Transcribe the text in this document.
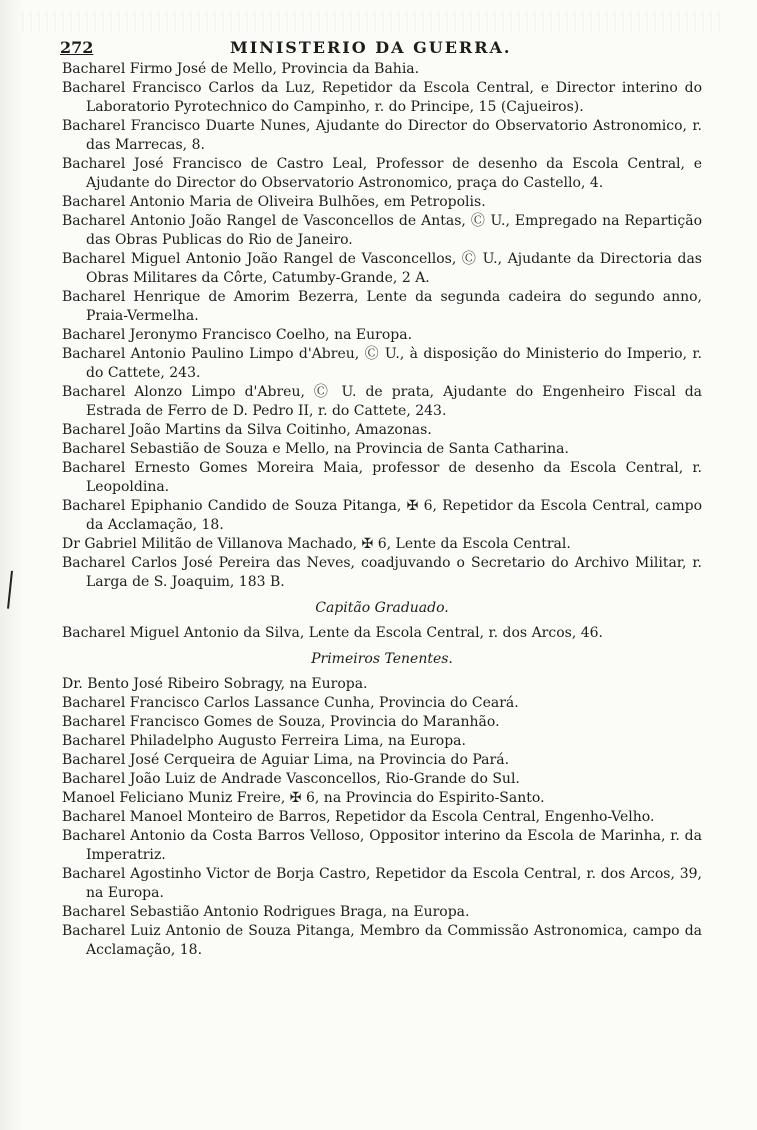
272	MINISTERIO DA GUERRA.

Bacharel Firmo José de Mello, Provincia da Bahia.

Bacharel Francisco Carlos da Luz, Repetidor da Escola Central, e Director interino do Laboratorio Pyrotechnico do Campinho, r. do Principe, 15 (Cajueiros).

Bacharel Francisco Duarte Nunes, Ajudante do Director do Observatorio Astronomico, r. das Marrecas, 8.

Bacharel José Francisco de Castro Leal, Professor de desenho da Escola Central, e Ajudante do Director do Observatorio Astronomico, praça do Castello, 4.

Bacharel Antonio Maria de Oliveira Bulhões, em Petropolis.

Bacharel Antonio João Rangel de Vasconcellos de Antas, Ⓒ U., Empregado na Repartição das Obras Publicas do Rio de Janeiro.

Bacharel Miguel Antonio João Rangel de Vasconcellos, Ⓒ U., Ajudante da Directoria das Obras Militares da Côrte, Catumby-Grande, 2 A.

Bacharel Henrique de Amorim Bezerra, Lente da segunda cadeira do segundo anno, Praia-Vermelha.

Bacharel Jeronymo Francisco Coelho, na Europa.

Bacharel Antonio Paulino Limpo d'Abreu, Ⓒ U., à disposição do Ministerio do Imperio, r. do Cattete, 243.

Bacharel Alonzo Limpo d'Abreu, Ⓒ U. de prata, Ajudante do Engenheiro Fiscal da Estrada de Ferro de D. Pedro II, r. do Cattete, 243.

Bacharel João Martins da Silva Coitinho, Amazonas.

Bacharel Sebastião de Souza e Mello, na Provincia de Santa Catharina.

Bacharel Ernesto Gomes Moreira Maia, professor de desenho da Escola Central, r. Leopoldina.

Bacharel Epiphanio Candido de Souza Pitanga, ✠ 6, Repetidor da Escola Central, campo da Acclamação, 18.

Dr Gabriel Militão de Villanova Machado, ✠ 6, Lente da Escola Central.

Bacharel Carlos José Pereira das Neves, coadjuvando o Secretario do Archivo Militar, r. Larga de S. Joaquim, 183 B.

Capitão Graduado.

Bacharel Miguel Antonio da Silva, Lente da Escola Central, r. dos Arcos, 46.

Primeiros Tenentes.

Dr. Bento José Ribeiro Sobragy, na Europa.

Bacharel Francisco Carlos Lassance Cunha, Provincia do Ceará.

Bacharel Francisco Gomes de Souza, Provincia do Maranhão.

Bacharel Philadelpho Augusto Ferreira Lima, na Europa.

Bacharel José Cerqueira de Aguiar Lima, na Provincia do Pará.

Bacharel João Luiz de Andrade Vasconcellos, Rio-Grande do Sul.

Manoel Feliciano Muniz Freire, ✠ 6, na Provincia do Espirito-Santo.

Bacharel Manoel Monteiro de Barros, Repetidor da Escola Central, Engenho-Velho.

Bacharel Antonio da Costa Barros Velloso, Oppositor interino da Escola de Marinha, r. da Imperatriz.

Bacharel Agostinho Victor de Borja Castro, Repetidor da Escola Central, r. dos Arcos, 39, na Europa.

Bacharel Sebastião Antonio Rodrigues Braga, na Europa.

Bacharel Luiz Antonio de Souza Pitanga, Membro da Commissão Astronomica, campo da Acclamação, 18.
